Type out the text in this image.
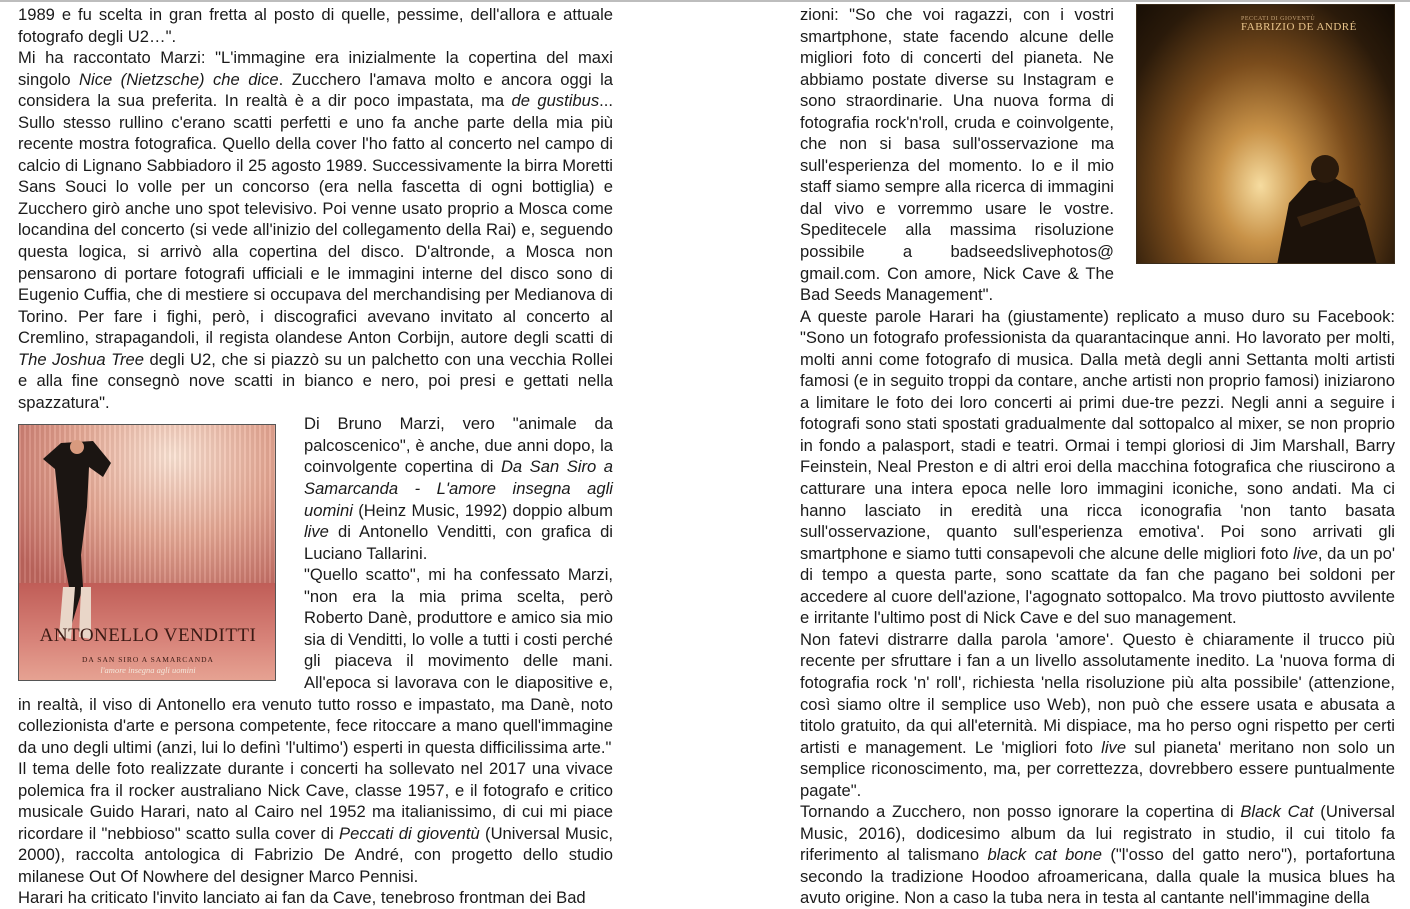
1989 e fu scelta in gran fretta al posto di quelle, pessime, dell'allora e attuale fotografo degli U2…".

Mi ha raccontato Marzi: "L'immagine era inizialmente la copertina del maxi singolo Nice (Nietzsche) che dice. Zucchero l'amava molto e ancora oggi la considera la sua preferita. In realtà è a dir poco impastata, ma de gustibus... Sullo stesso rullino c'erano scatti perfetti e uno fa anche parte della mia più recente mostra fotografica. Quello della cover l'ho fatto al concerto nel campo di calcio di Lignano Sabbiadoro il 25 agosto 1989. Successivamente la birra Moretti Sans Souci lo volle per un concorso (era nella fascetta di ogni bottiglia) e Zucchero girò anche uno spot televisivo. Poi venne usato proprio a Mosca come locandina del concerto (si vede all'inizio del collegamento della Rai) e, seguendo questa logica, si arrivò alla copertina del disco. D'altronde, a Mosca non pensarono di portare fotografi ufficiali e le immagini interne del disco sono di Eugenio Cuffia, che di mestiere si occupava del merchandising per Medianova di Torino. Per fare i fighi, però, i discografici avevano invitato al concerto al Cremlino, strapagandoli, il regista olandese Anton Corbijn, autore degli scatti di The Joshua Tree degli U2, che si piazzò su un palchetto con una vecchia Rollei e alla fine consegnò nove scatti in bianco e nero, poi presi e gettati nella spazzatura".

ANTONELLO VENDITTI
DA SAN SIRO A SAMARCANDA
l'amore insegna agli uomini

Di Bruno Marzi, vero "animale da palcoscenico", è anche, due anni dopo, la coinvolgente copertina di Da San Siro a Samarcanda - L'amore insegna agli uomini (Heinz Music, 1992) doppio album live di Antonello Venditti, con grafica di Luciano Tallarini.

"Quello scatto", mi ha confessato Marzi, "non era la mia prima scelta, però Roberto Danè, produttore e amico sia mio sia di Venditti, lo volle a tutti i costi perché gli piaceva il movimento delle mani. All'epoca si lavorava con le diapositive e, in realtà, il viso di Antonello era venuto tutto rosso e impastato, ma Danè, noto collezionista d'arte e persona competente, fece ritoccare a mano quell'immagine da uno degli ultimi (anzi, lui lo definì 'l'ultimo') esperti in questa difficilissima arte."

Il tema delle foto realizzate durante i concerti ha sollevato nel 2017 una vivace polemica fra il rocker australiano Nick Cave, classe 1957, e il fotografo e critico musicale Guido Harari, nato al Cairo nel 1952 ma italianissimo, di cui mi piace ricordare il "nebbioso" scatto sulla cover di Peccati di gioventù (Universal Music, 2000), raccolta antologica di Fabrizio De André, con progetto dello studio milanese Out Of Nowhere del designer Marco Pennisi.

Harari ha criticato l'invito lanciato ai fan da Cave, tenebroso frontman dei Bad

PECCATI DI GIOVENTÙ
FABRIZIO DE ANDRÉ

zioni: "So che voi ragazzi, con i vostri smartphone, state facendo alcune delle migliori foto di concerti del pianeta. Ne abbiamo postate diverse su Instagram e sono straordinarie. Una nuova forma di fotografia rock'n'roll, cruda e coinvolgente, che non si basa sull'osservazione ma sull'esperienza del momento. Io e il mio staff siamo sempre alla ricerca di immagini dal vivo e vorremmo usare le vostre. Speditecele alla massima risoluzione possibile a badseedslivephotos@ gmail.com. Con amore, Nick Cave & The Bad Seeds Management".

A queste parole Harari ha (giustamente) replicato a muso duro su Facebook: "Sono un fotografo professionista da quarantacinque anni. Ho lavorato per molti, molti anni come fotografo di musica. Dalla metà degli anni Settanta molti artisti famosi (e in seguito troppi da contare, anche artisti non proprio famosi) iniziarono a limitare le foto dei loro concerti ai primi due-tre pezzi. Negli anni a seguire i fotografi sono stati spostati gradualmente dal sottopalco al mixer, se non proprio in fondo a palasport, stadi e teatri. Ormai i tempi gloriosi di Jim Marshall, Barry Feinstein, Neal Preston e di altri eroi della macchina fotografica che riuscirono a catturare una intera epoca nelle loro immagini iconiche, sono andati. Ma ci hanno lasciato in eredità una ricca iconografia 'non tanto basata sull'osservazione, quanto sull'esperienza emotiva'. Poi sono arrivati gli smartphone e siamo tutti consapevoli che alcune delle migliori foto live, da un po' di tempo a questa parte, sono scattate da fan che pagano bei soldoni per accedere al cuore dell'azione, l'agognato sottopalco. Ma trovo piuttosto avvilente e irritante l'ultimo post di Nick Cave e del suo management.

Non fatevi distrarre dalla parola 'amore'. Questo è chiaramente il trucco più recente per sfruttare i fan a un livello assolutamente inedito. La 'nuova forma di fotografia rock 'n' roll', richiesta 'nella risoluzione più alta possibile' (attenzione, così siamo oltre il semplice uso Web), non può che essere usata e abusata a titolo gratuito, da qui all'eternità. Mi dispiace, ma ho perso ogni rispetto per certi artisti e management. Le 'migliori foto live sul pianeta' meritano non solo un semplice riconoscimento, ma, per correttezza, dovrebbero essere puntualmente pagate".

Tornando a Zucchero, non posso ignorare la copertina di Black Cat (Universal Music, 2016), dodicesimo album da lui registrato in studio, il cui titolo fa riferimento al talismano black cat bone ("l'osso del gatto nero"), portafortuna secondo la tradizione Hoodoo afroamericana, dalla quale la musica blues ha avuto origine. Non a caso la tuba nera in testa al cantante nell'immagine della
